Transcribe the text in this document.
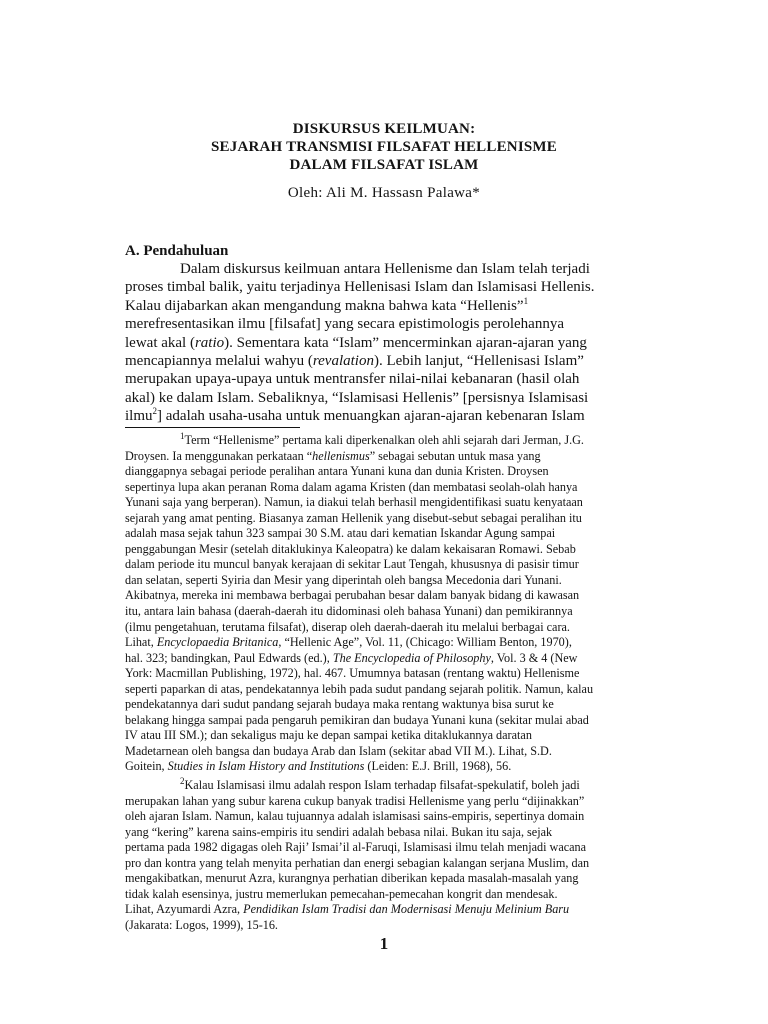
DISKURSUS KEILMUAN:
SEJARAH TRANSMISI FILSAFAT HELLENISME
DALAM FILSAFAT ISLAM
Oleh: Ali M. Hassasn Palawa*
A. Pendahuluan
Dalam diskursus keilmuan antara Hellenisme dan Islam telah terjadi
proses timbal balik, yaitu terjadinya Hellenisasi Islam dan Islamisasi Hellenis.
Kalau dijabarkan akan mengandung makna bahwa kata “Hellenis”$^1$
merefresentasikan ilmu [filsafat] yang secara epistimologis perolehannya
lewat akal (ratio). Sementara kata “Islam” mencerminkan ajaran-ajaran yang
mencapiannya melalui wahyu (revalation). Lebih lanjut, “Hellenisasi Islam”
merupakan upaya-upaya untuk mentransfer nilai-nilai kebanaran (hasil olah
akal) ke dalam Islam. Sebaliknya, “Islamisasi Hellenis” [persisnya Islamisasi
ilmu$^2$] adalah usaha-usaha untuk menuangkan ajaran-ajaran kebenaran Islam
$^1$Term “Hellenisme” pertama kali diperkenalkan oleh ahli sejarah dari Jerman, J.G.
Droysen. Ia menggunakan perkataan “hellenismus” sebagai sebutan untuk masa yang
dianggapnya sebagai periode peralihan antara Yunani kuna dan dunia Kristen. Droysen
sepertinya lupa akan peranan Roma dalam agama Kristen (dan membatasi seolah-olah hanya
Yunani saja yang berperan). Namun, ia diakui telah berhasil mengidentifikasi suatu kenyataan
sejarah yang amat penting. Biasanya zaman Hellenik yang disebut-sebut sebagai peralihan itu
adalah masa sejak tahun 323 sampai 30 S.M. atau dari kematian Iskandar Agung sampai
penggabungan Mesir (setelah ditaklukinya Kaleopatra) ke dalam kekaisaran Romawi. Sebab
dalam periode itu muncul banyak kerajaan di sekitar Laut Tengah, khususnya di pasisir timur
dan selatan, seperti Syiria dan Mesir yang diperintah oleh bangsa Mecedonia dari Yunani.
Akibatnya, mereka ini membawa berbagai perubahan besar dalam banyak bidang di kawasan
itu, antara lain bahasa (daerah-daerah itu didominasi oleh bahasa Yunani) dan pemikirannya
(ilmu pengetahuan, terutama filsafat), diserap oleh daerah-daerah itu melalui berbagai cara.
Lihat, Encyclopaedia Britanica, “Hellenic Age”, Vol. 11, (Chicago: William Benton, 1970),
hal. 323; bandingkan, Paul Edwards (ed.), The Encyclopedia of Philosophy, Vol. 3 & 4 (New
York: Macmillan Publishing, 1972), hal. 467. Umumnya batasan (rentang waktu) Hellenisme
seperti paparkan di atas, pendekatannya lebih pada sudut pandang sejarah politik. Namun, kalau
pendekatannya dari sudut pandang sejarah budaya maka rentang waktunya bisa surut ke
belakang hingga sampai pada pengaruh pemikiran dan budaya Yunani kuna (sekitar mulai abad
IV atau III SM.); dan sekaligus maju ke depan sampai ketika ditaklukannya daratan
Madetarnean oleh bangsa dan budaya Arab dan Islam (sekitar abad VII M.). Lihat, S.D.
Goitein, Studies in Islam History and Institutions (Leiden: E.J. Brill, 1968), 56.
$^2$Kalau Islamisasi ilmu adalah respon Islam terhadap filsafat-spekulatif, boleh jadi
merupakan lahan yang subur karena cukup banyak tradisi Hellenisme yang perlu “dijinakkan”
oleh ajaran Islam. Namun, kalau tujuannya adalah islamisasi sains-empiris, sepertinya domain
yang “kering” karena sains-empiris itu sendiri adalah bebasa nilai. Bukan itu saja, sejak
pertama pada 1982 digagas oleh Raji’ Ismai’il al-Faruqi, Islamisasi ilmu telah menjadi wacana
pro dan kontra yang telah menyita perhatian dan energi sebagian kalangan serjana Muslim, dan
mengakibatkan, menurut Azra, kurangnya perhatian diberikan kepada masalah-masalah yang
tidak kalah esensinya, justru memerlukan pemecahan-pemecahan kongrit dan mendesak.
Lihat, Azyumardi Azra, Pendidikan Islam Tradisi dan Modernisasi Menuju Melinium Baru
(Jakarata: Logos, 1999), 15-16.
1
